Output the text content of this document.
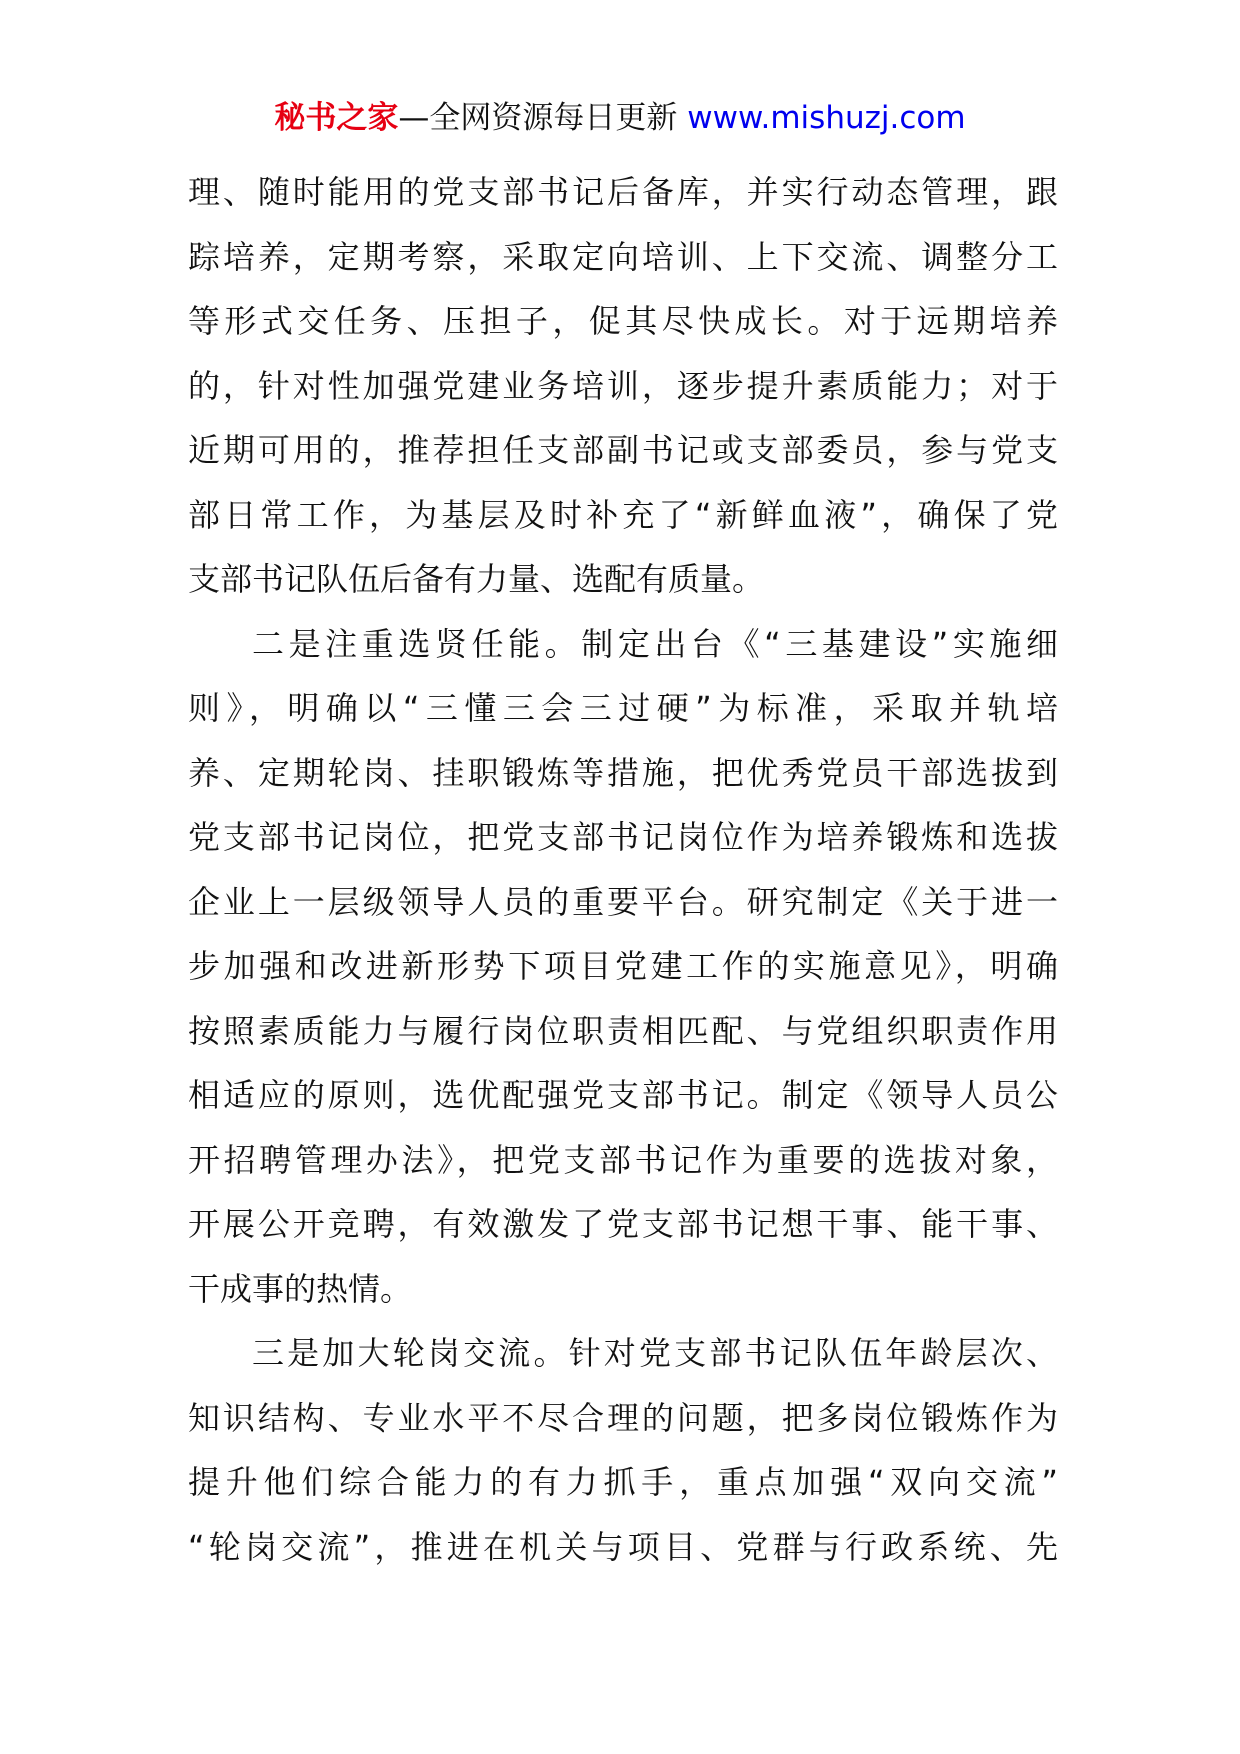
秘书之家—全网资源每日更新 www.mishuzj.com
理、随时能用的党支部书记后备库，并实行动态管理，跟
踪培养，定期考察，采取定向培训、上下交流、调整分工
等形式交任务、压担子，促其尽快成长。对于远期培养
的，针对性加强党建业务培训，逐步提升素质能力；对于
近期可用的，推荐担任支部副书记或支部委员，参与党支
部日常工作，为基层及时补充了“新鲜血液”，确保了党
支部书记队伍后备有力量、选配有质量。
二是注重选贤任能。制定出台《“三基建设”实施细
则》，明确以“三懂三会三过硬”为标准，采取并轨培
养、定期轮岗、挂职锻炼等措施，把优秀党员干部选拔到
党支部书记岗位，把党支部书记岗位作为培养锻炼和选拔
企业上一层级领导人员的重要平台。研究制定《关于进一
步加强和改进新形势下项目党建工作的实施意见》，明确
按照素质能力与履行岗位职责相匹配、与党组织职责作用
相适应的原则，选优配强党支部书记。制定《领导人员公
开招聘管理办法》，把党支部书记作为重要的选拔对象，
开展公开竞聘，有效激发了党支部书记想干事、能干事、
干成事的热情。
三是加大轮岗交流。针对党支部书记队伍年龄层次、
知识结构、专业水平不尽合理的问题，把多岗位锻炼作为
提升他们综合能力的有力抓手，重点加强“双向交流”
“轮岗交流”，推进在机关与项目、党群与行政系统、先
